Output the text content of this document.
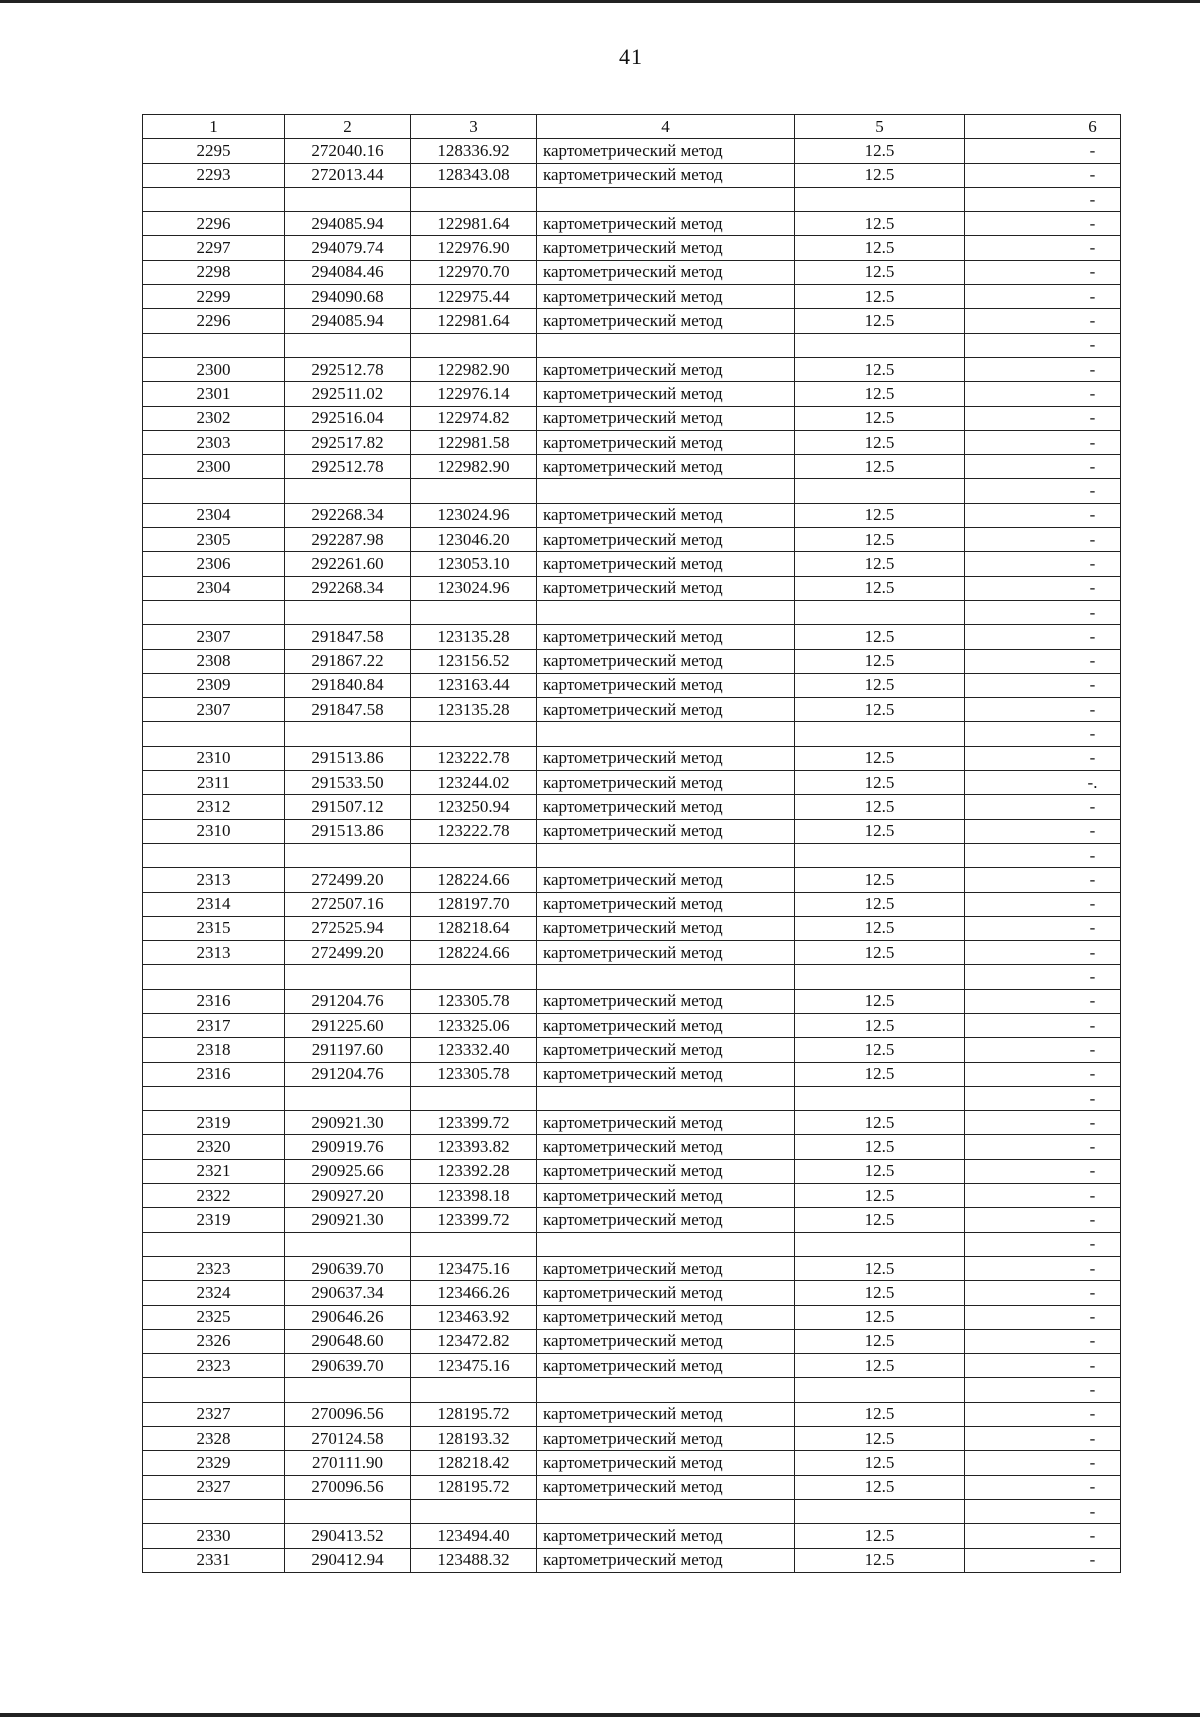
41
1	2	3	4	5	6
2295	272040.16	128336.92	картометрический метод	12.5	-
2293	272013.44	128343.08	картометрический метод	12.5	-
					-
2296	294085.94	122981.64	картометрический метод	12.5	-
2297	294079.74	122976.90	картометрический метод	12.5	-
2298	294084.46	122970.70	картометрический метод	12.5	-
2299	294090.68	122975.44	картометрический метод	12.5	-
2296	294085.94	122981.64	картометрический метод	12.5	-
					-
2300	292512.78	122982.90	картометрический метод	12.5	-
2301	292511.02	122976.14	картометрический метод	12.5	-
2302	292516.04	122974.82	картометрический метод	12.5	-
2303	292517.82	122981.58	картометрический метод	12.5	-
2300	292512.78	122982.90	картометрический метод	12.5	-
					-
2304	292268.34	123024.96	картометрический метод	12.5	-
2305	292287.98	123046.20	картометрический метод	12.5	-
2306	292261.60	123053.10	картометрический метод	12.5	-
2304	292268.34	123024.96	картометрический метод	12.5	-
					-
2307	291847.58	123135.28	картометрический метод	12.5	-
2308	291867.22	123156.52	картометрический метод	12.5	-
2309	291840.84	123163.44	картометрический метод	12.5	-
2307	291847.58	123135.28	картометрический метод	12.5	-
					-
2310	291513.86	123222.78	картометрический метод	12.5	-
2311	291533.50	123244.02	картометрический метод	12.5	-.
2312	291507.12	123250.94	картометрический метод	12.5	-
2310	291513.86	123222.78	картометрический метод	12.5	-
					-
2313	272499.20	128224.66	картометрический метод	12.5	-
2314	272507.16	128197.70	картометрический метод	12.5	-
2315	272525.94	128218.64	картометрический метод	12.5	-
2313	272499.20	128224.66	картометрический метод	12.5	-
					-
2316	291204.76	123305.78	картометрический метод	12.5	-
2317	291225.60	123325.06	картометрический метод	12.5	-
2318	291197.60	123332.40	картометрический метод	12.5	-
2316	291204.76	123305.78	картометрический метод	12.5	-
					-
2319	290921.30	123399.72	картометрический метод	12.5	-
2320	290919.76	123393.82	картометрический метод	12.5	-
2321	290925.66	123392.28	картометрический метод	12.5	-
2322	290927.20	123398.18	картометрический метод	12.5	-
2319	290921.30	123399.72	картометрический метод	12.5	-
					-
2323	290639.70	123475.16	картометрический метод	12.5	-
2324	290637.34	123466.26	картометрический метод	12.5	-
2325	290646.26	123463.92	картометрический метод	12.5	-
2326	290648.60	123472.82	картометрический метод	12.5	-
2323	290639.70	123475.16	картометрический метод	12.5	-
					-
2327	270096.56	128195.72	картометрический метод	12.5	-
2328	270124.58	128193.32	картометрический метод	12.5	-
2329	270111.90	128218.42	картометрический метод	12.5	-
2327	270096.56	128195.72	картометрический метод	12.5	-
					-
2330	290413.52	123494.40	картометрический метод	12.5	-
2331	290412.94	123488.32	картометрический метод	12.5	-
